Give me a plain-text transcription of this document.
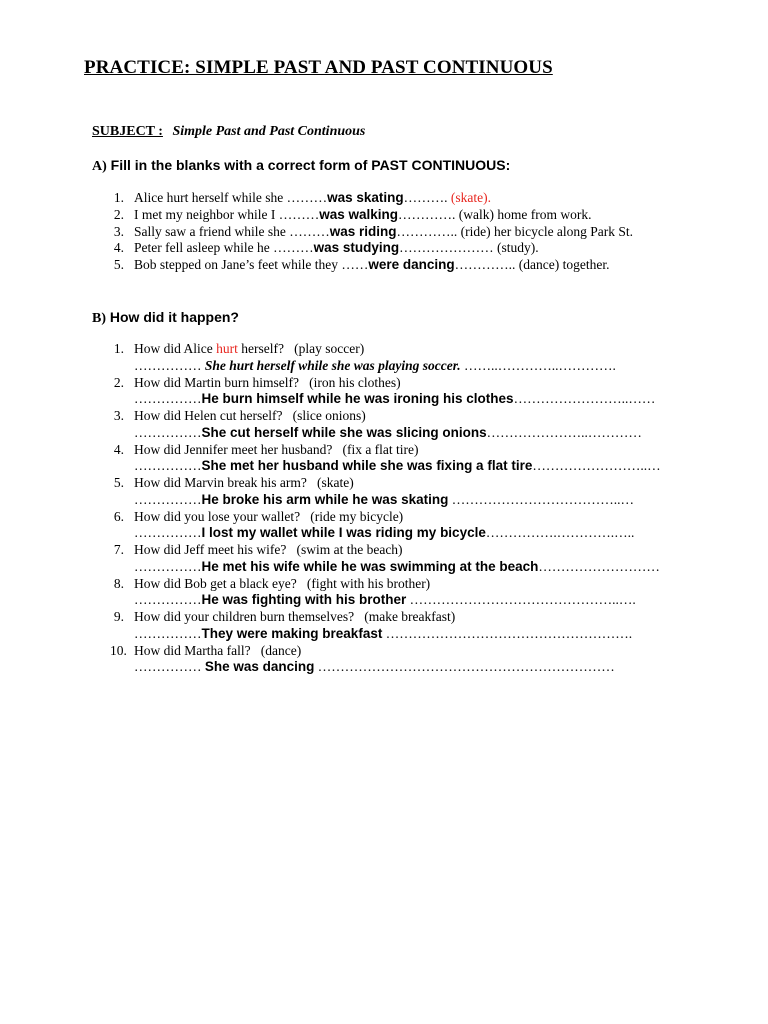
PRACTICE: SIMPLE PAST AND PAST CONTINUOUS
SUBJECT : Simple Past and Past Continuous
A) Fill in the blanks with a correct form of PAST CONTINUOUS:
1. Alice hurt herself while she ………was skating………. (skate).
2. I met my neighbor while I ………was walking…………. (walk) home from work.
3. Sally saw a friend while she ………was riding………….. (ride) her bicycle along Park St.
4. Peter fell asleep while he ………was studying………………… (study).
5. Bob stepped on Jane’s feet while they ……were dancing………….. (dance) together.
B) How did it happen?
1. How did Alice hurt herself? (play soccer)
…………… She hurt herself while she was playing soccer. ……..…………..………….
2. How did Martin burn himself? (iron his clothes)
……………He burn himself while he was ironing his clothes……………………..……
3. How did Helen cut herself? (slice onions)
……………She cut herself while she was slicing onions…………………..…………
4. How did Jennifer meet her husband? (fix a flat tire)
……………She met her husband while she was fixing a flat tire……………………..…
5. How did Marvin break his arm? (skate)
……………He broke his arm while he was skating ………………………………..…
6. How did you lose your wallet? (ride my bicycle)
……………I lost my wallet while I was riding my bicycle…………….………….…..
7. How did Jeff meet his wife? (swim at the beach)
……………He met his wife while he was swimming at the beach………………………
8. How did Bob get a black eye? (fight with his brother)
……………He was fighting with his brother ………………………………………..….
9. How did your children burn themselves? (make breakfast)
……………They were making breakfast ……………………………………………….
10. How did Martha fall? (dance)
…………… She was dancing …………………………………………………………
